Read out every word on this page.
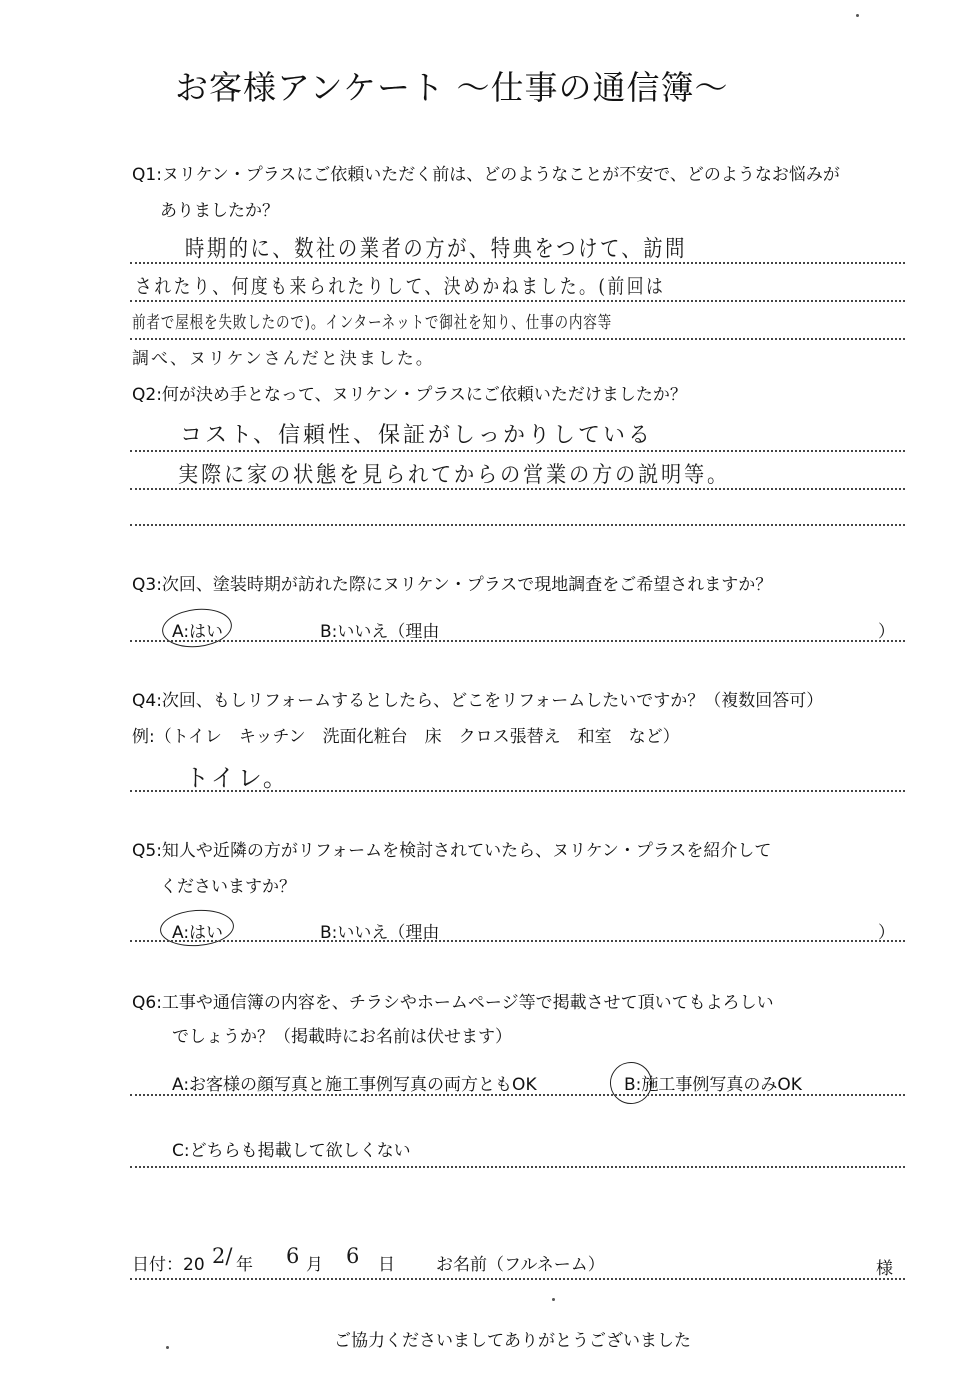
お客様アンケート ～仕事の通信簿～
Q1:ヌリケン・プラスにご依頼いただく前は、どのようなことが不安で、どのようなお悩みが
ありましたか？
時期的に、数社の業者の方が、特典をつけて、訪問
されたり、何度も来られたりして、決めかねました。(前回は
前者で屋根を失敗したので)。インターネットで御社を知り、仕事の内容等
調べ、ヌリケンさんだと決ました。
Q2:何が決め手となって、ヌリケン・プラスにご依頼いただけましたか？
コスト、信頼性、保証がしっかりしている
実際に家の状態を見られてからの営業の方の説明等。
Q3:次回、塗装時期が訪れた際にヌリケン・プラスで現地調査をご希望されますか？
A:はい	B:いいえ（理由	）
Q4:次回、もしリフォームするとしたら、どこをリフォームしたいですか？（複数回答可）
例:（トイレ　キッチン　洗面化粧台　床　クロス張替え　和室　など）
トイレ。
Q5:知人や近隣の方がリフォームを検討されていたら、ヌリケン・プラスを紹介して
くださいますか？
A:はい	B:いいえ（理由	）
Q6:工事や通信簿の内容を、チラシやホームページ等で掲載させて頂いてもよろしい
でしょうか？（掲載時にお名前は伏せます）
A:お客様の顔写真と施工事例写真の両方ともOK	B:施工事例写真のみOK
C:どちらも掲載して欲しくない
日付：20 2/ 年 6 月 6 日 お名前（フルネーム）	様
ご協力くださいましてありがとうございました
